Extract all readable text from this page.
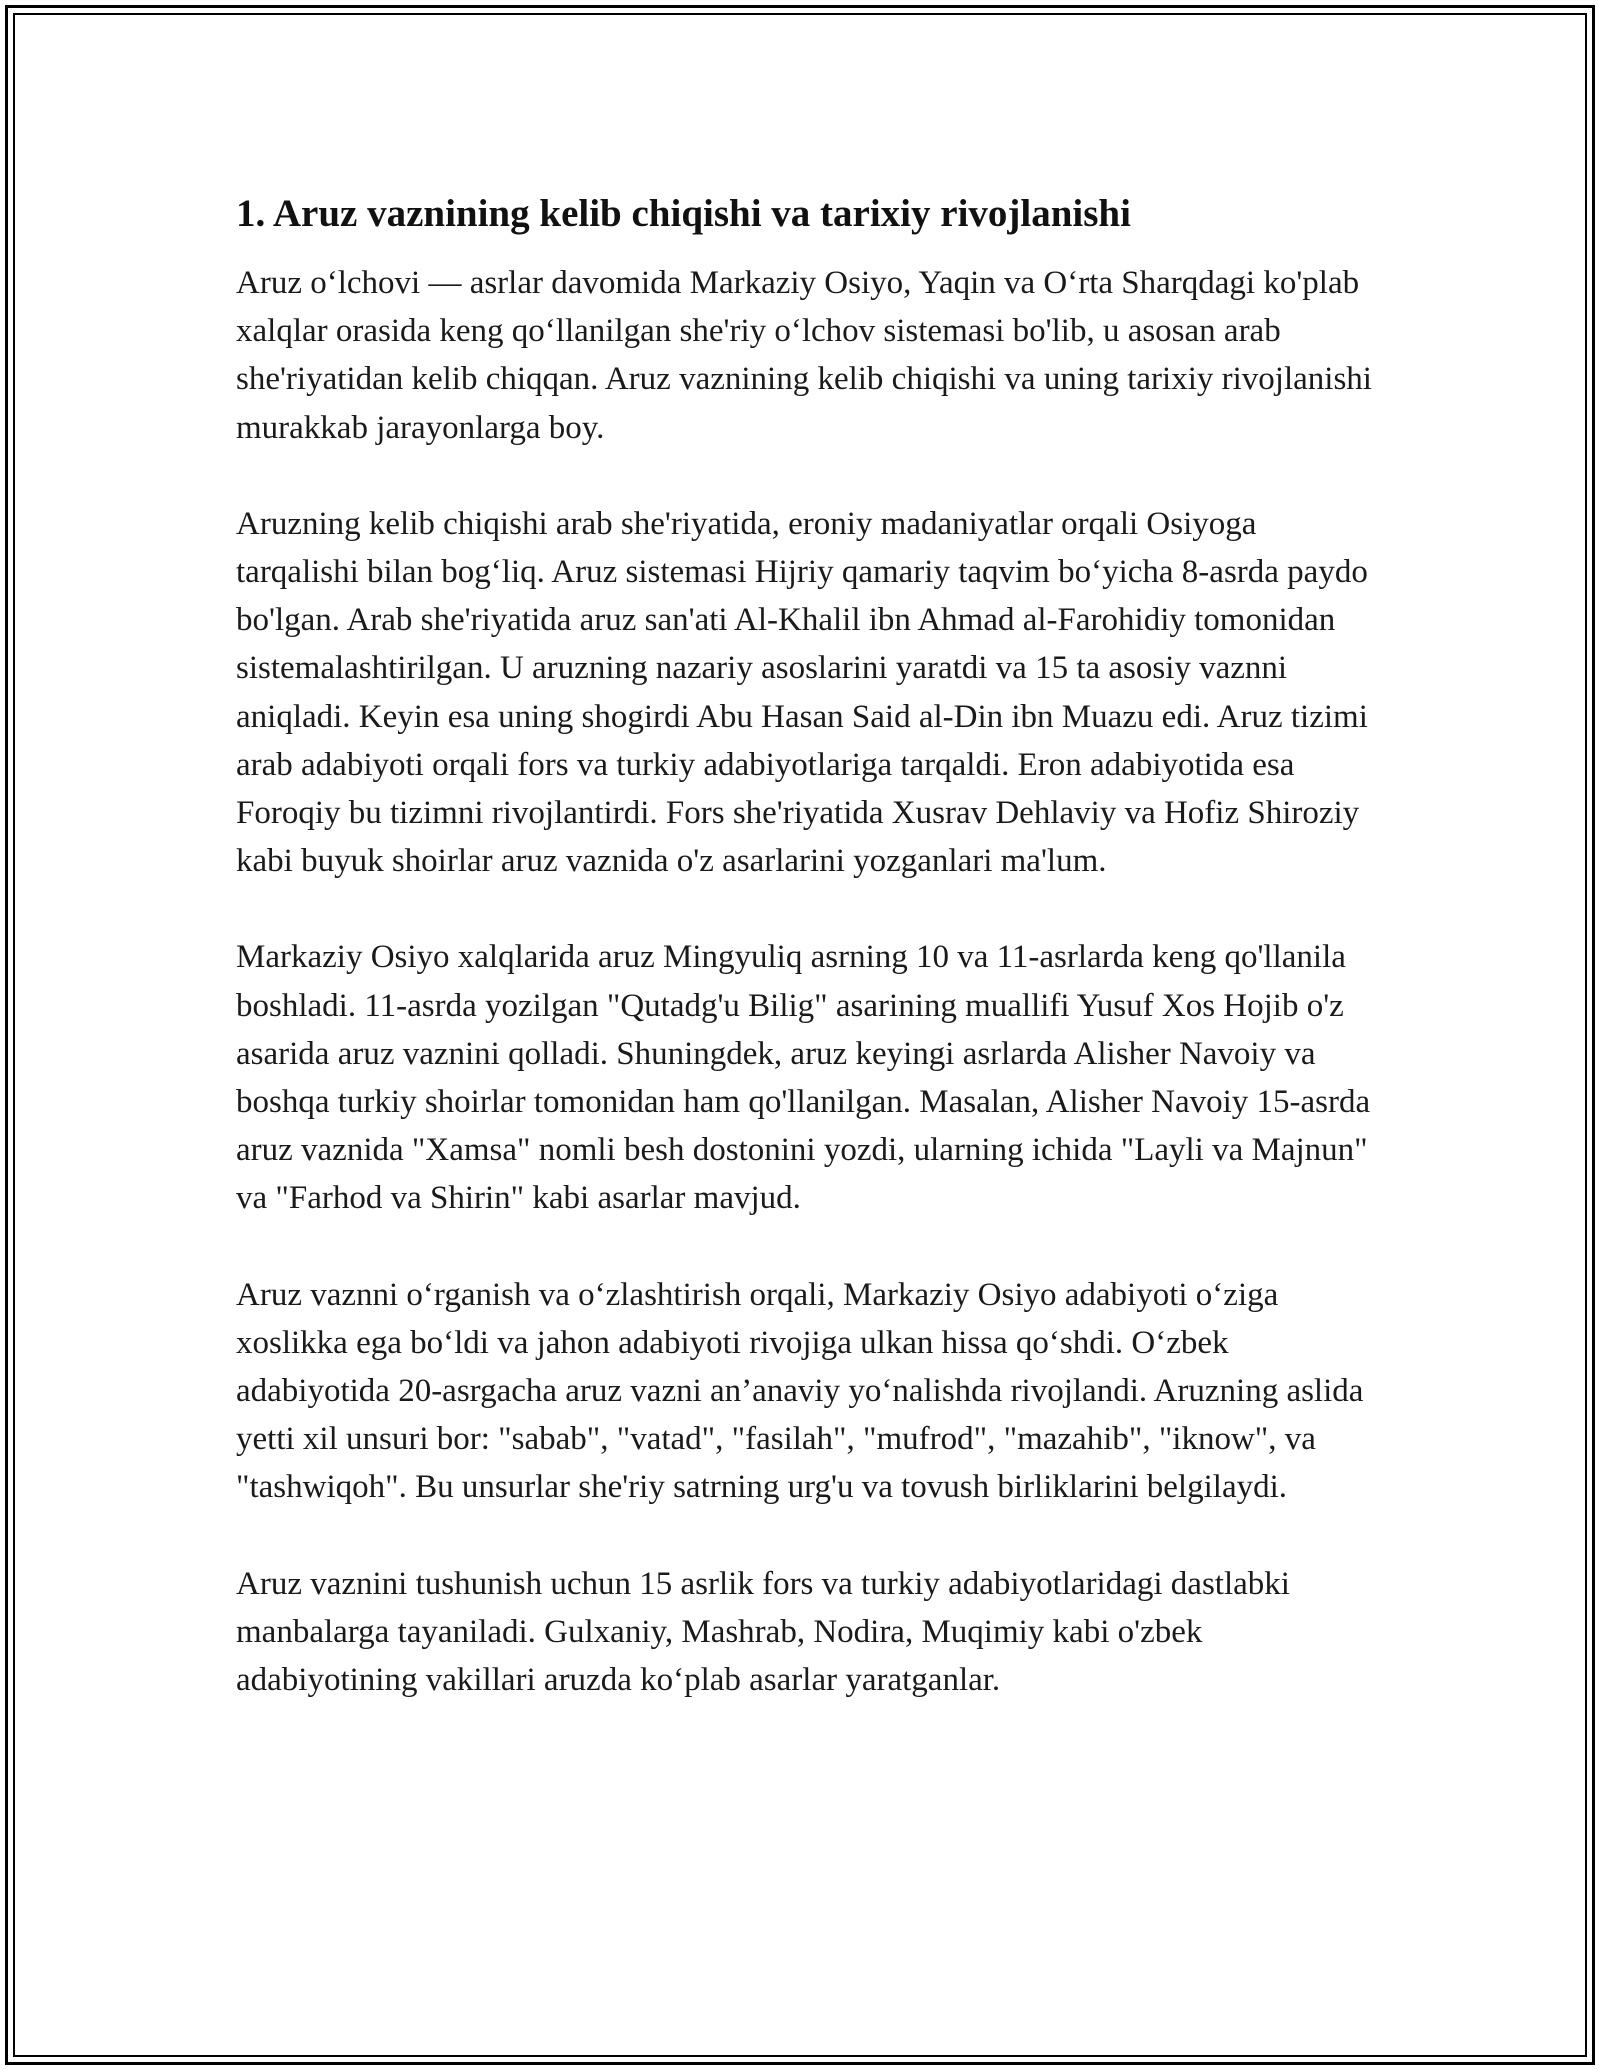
1. Aruz vaznining kelib chiqishi va tarixiy rivojlanishi

Aruz o‘lchovi — asrlar davomida Markaziy Osiyo, Yaqin va O‘rta Sharqdagi ko'plab xalqlar orasida keng qo‘llanilgan she'riy o‘lchov sistemasi bo'lib, u asosan arab she'riyatidan kelib chiqqan. Aruz vaznining kelib chiqishi va uning tarixiy rivojlanishi murakkab jarayonlarga boy.

Aruzning kelib chiqishi arab she'riyatida, eroniy madaniyatlar orqali Osiyoga tarqalishi bilan bog‘liq. Aruz sistemasi Hijriy qamariy taqvim bo‘yicha 8-asrda paydo bo'lgan. Arab she'riyatida aruz san'ati Al-Khalil ibn Ahmad al-Farohidiy tomonidan sistemalashtirilgan. U aruzning nazariy asoslarini yaratdi va 15 ta asosiy vaznni aniqladi. Keyin esa uning shogirdi Abu Hasan Said al-Din ibn Muazu edi. Aruz tizimi arab adabiyoti orqali fors va turkiy adabiyotlariga tarqaldi. Eron adabiyotida esa Foroqiy bu tizimni rivojlantirdi. Fors she'riyatida Xusrav Dehlaviy va Hofiz Shiroziy kabi buyuk shoirlar aruz vaznida o'z asarlarini yozganlari ma'lum.

Markaziy Osiyo xalqlarida aruz Mingyuliq asrning 10 va 11-asrlarda keng qo'llanila boshladi. 11-asrda yozilgan "Qutadg'u Bilig" asarining muallifi Yusuf Xos Hojib o'z asarida aruz vaznini qolladi. Shuningdek, aruz keyingi asrlarda Alisher Navoiy va boshqa turkiy shoirlar tomonidan ham qo'llanilgan. Masalan, Alisher Navoiy 15-asrda aruz vaznida "Xamsa" nomli besh dostonini yozdi, ularning ichida "Layli va Majnun" va "Farhod va Shirin" kabi asarlar mavjud.

Aruz vaznni o‘rganish va o‘zlashtirish orqali, Markaziy Osiyo adabiyoti o‘ziga xoslikka ega bo‘ldi va jahon adabiyoti rivojiga ulkan hissa qo‘shdi. O‘zbek adabiyotida 20-asrgacha aruz vazni an’anaviy yo‘nalishda rivojlandi. Aruzning aslida yetti xil unsuri bor: "sabab", "vatad", "fasilah", "mufrod", "mazahib", "iknow", va "tashwiqoh". Bu unsurlar she'riy satrning urg'u va tovush birliklarini belgilaydi.

Aruz vaznini tushunish uchun 15 asrlik fors va turkiy adabiyotlaridagi dastlabki manbalarga tayaniladi. Gulxaniy, Mashrab, Nodira, Muqimiy kabi o'zbek adabiyotining vakillari aruzda ko‘plab asarlar yaratganlar.
